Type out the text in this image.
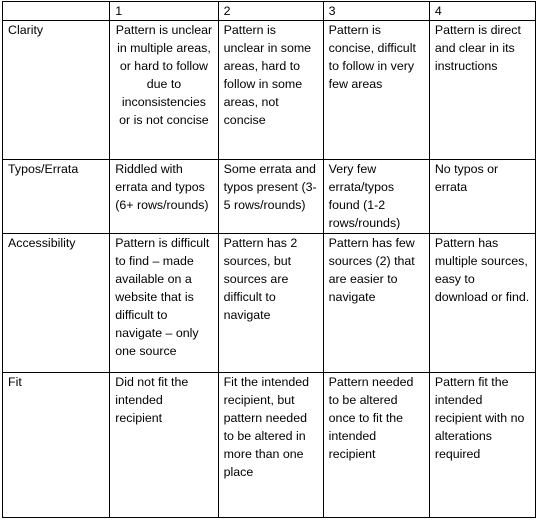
	1	2	3	4
Clarity	Pattern is unclear in multiple areas, or hard to follow due to inconsistencies or is not concise	Pattern is unclear in some areas, hard to follow in some areas, not concise	Pattern is concise, difficult to follow in very few areas	Pattern is direct and clear in its instructions
Typos/Errata	Riddled with errata and typos (6+ rows/rounds)	Some errata and typos present (3-5 rows/rounds)	Very few errata/typos found (1-2 rows/rounds)	No typos or errata
Accessibility	Pattern is difficult to find – made available on a website that is difficult to navigate – only one source	Pattern has 2 sources, but sources are difficult to navigate	Pattern has few sources (2) that are easier to navigate	Pattern has multiple sources, easy to download or find.
Fit	Did not fit the intended recipient	Fit the intended recipient, but pattern needed to be altered in more than one place	Pattern needed to be altered once to fit the intended recipient	Pattern fit the intended recipient with no alterations required
